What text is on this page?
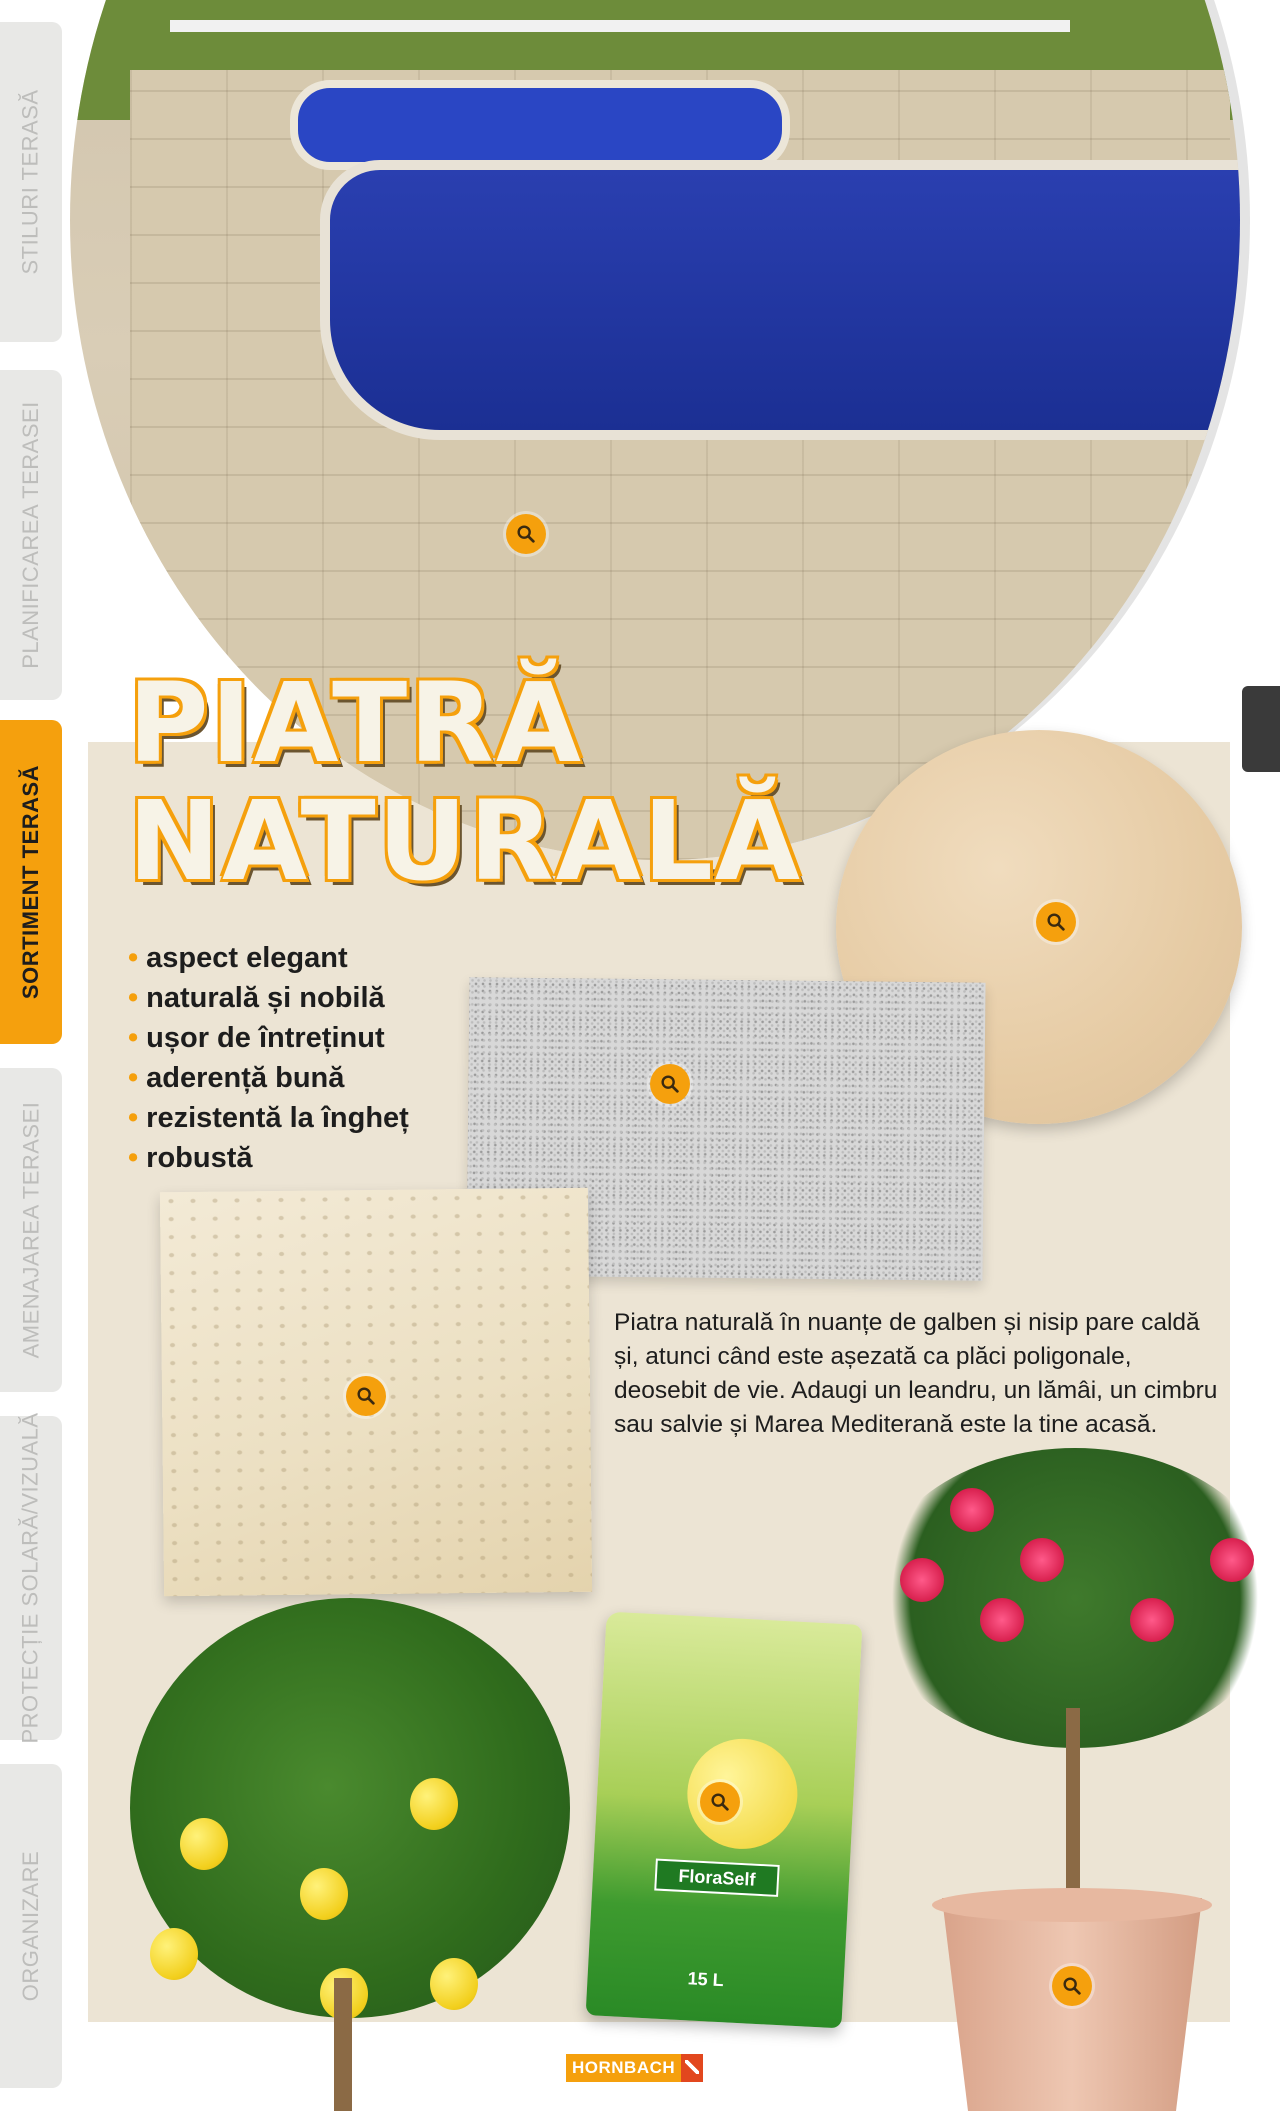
STILURI TERASĂ
PLANIFICAREA TERASEI
SORTIMENT TERASĂ
AMENAJAREA TERASEI
PROTECȚIE SOLARĂ/VIZUALĂ
ORGANIZARE
PIATRĂ
NATURALĂ
• aspect elegant
• naturală și nobilă
• ușor de întreținut
• aderență bună
• rezistentă la îngheț
• robustă

Piatra naturală în nuanțe de galben și nisip pare caldă și, atunci când este așezată ca plăci poligonale, deosebit de vie. Adaugi un leandru, un lămâi, un cimbru sau salvie și Marea Mediterană este la tine acasă.

FloraSelf
15 L
HORNBACH
